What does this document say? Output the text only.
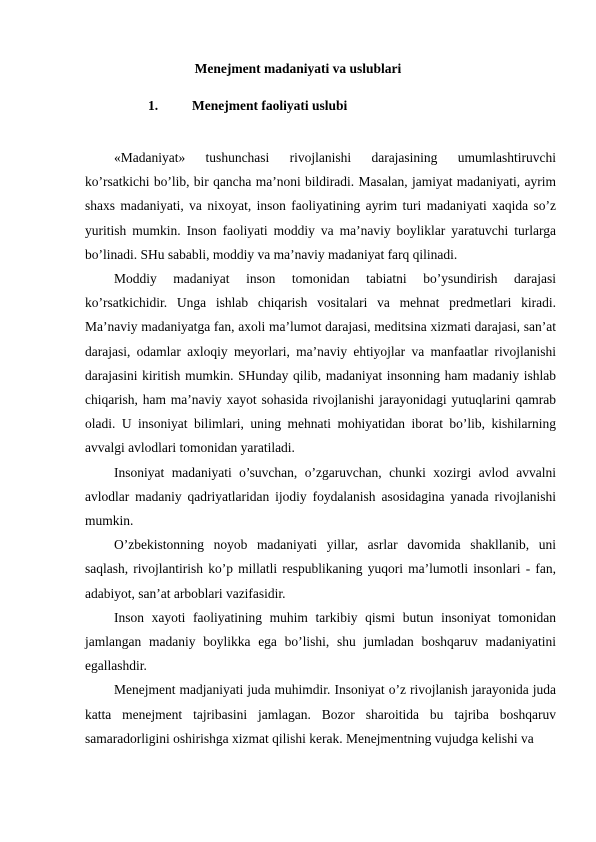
Menejment madaniyati va uslublari
1.	Menejment faoliyati uslubi

«Madaniyat» tushunchasi rivojlanishi darajasining umumlashtiruvchi ko’rsatkichi bo’lib, bir qancha ma’noni bildiradi. Masalan, jamiyat madaniyati, ayrim shaxs madaniyati, va nixoyat, inson faoliyatining ayrim turi madaniyati xaqida so’z yuritish mumkin. Inson faoliyati moddiy va ma’naviy boyliklar yaratuvchi turlarga bo’linadi. SHu sababli, moddiy va ma’naviy madaniyat farq qilinadi.

Moddiy madaniyat inson tomonidan tabiatni bo’ysundirish darajasi ko’rsatkichidir. Unga ishlab chiqarish vositalari va mehnat predmetlari kiradi. Ma’naviy madaniyatga fan, axoli ma’lumot darajasi, meditsina xizmati darajasi, san’at darajasi, odamlar axloqiy meyorlari, ma’naviy ehtiyojlar va manfaatlar rivojlanishi darajasini kiritish mumkin. SHunday qilib, madaniyat insonning ham madaniy ishlab chiqarish, ham ma’naviy xayot sohasida rivojlanishi jarayonidagi yutuqlarini qamrab oladi. U insoniyat bilimlari, uning mehnati mohiyatidan iborat bo’lib, kishilarning avvalgi avlodlari tomonidan yaratiladi.

Insoniyat madaniyati o’suvchan, o’zgaruvchan, chunki xozirgi avlod avvalni avlodlar madaniy qadriyatlaridan ijodiy foydalanish asosidagina yanada rivojlanishi mumkin.

O’zbekistonning noyob madaniyati yillar, asrlar davomida shakllanib, uni saqlash, rivojlantirish ko’p millatli respublikaning yuqori ma’lumotli insonlari - fan, adabiyot, san’at arboblari vazifasidir.

Inson xayoti faoliyatining muhim tarkibiy qismi butun insoniyat tomonidan jamlangan madaniy boylikka ega bo’lishi, shu jumladan boshqaruv madaniyatini egallashdir.

Menejment madjaniyati juda muhimdir. Insoniyat o’z rivojlanish jarayonida juda katta menejment tajribasini jamlagan. Bozor sharoitida bu tajriba boshqaruv samaradorligini oshirishga xizmat qilishi kerak. Menejmentning vujudga kelishi va
